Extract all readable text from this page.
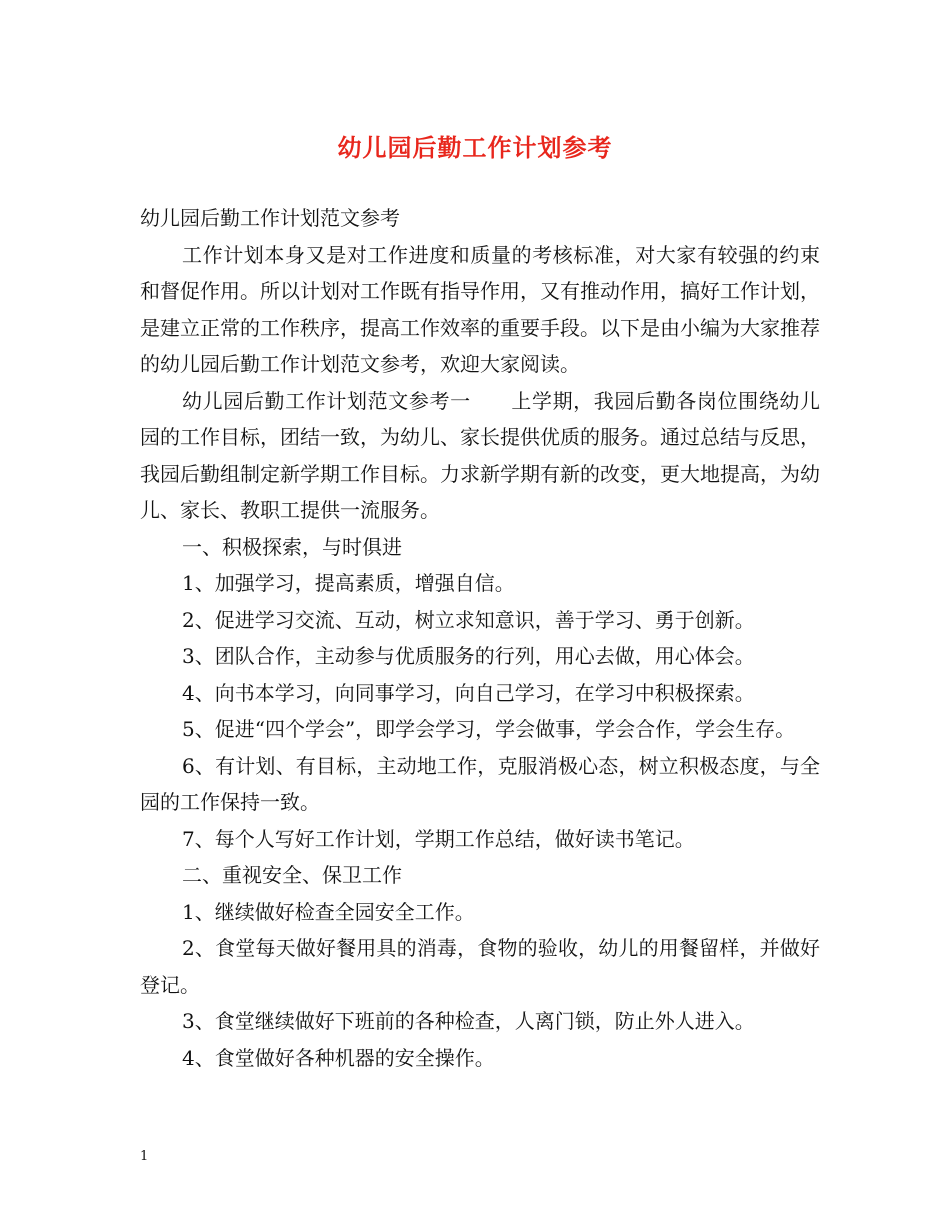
幼儿园后勤工作计划参考

幼儿园后勤工作计划范文参考

工作计划本身又是对工作进度和质量的考核标准，对大家有较强的约束和督促作用。所以计划对工作既有指导作用，又有推动作用，搞好工作计划，是建立正常的工作秩序，提高工作效率的重要手段。以下是由小编为大家推荐的幼儿园后勤工作计划范文参考，欢迎大家阅读。

幼儿园后勤工作计划范文参考一 上学期，我园后勤各岗位围绕幼儿园的工作目标，团结一致，为幼儿、家长提供优质的服务。通过总结与反思，我园后勤组制定新学期工作目标。力求新学期有新的改变，更大地提高，为幼儿、家长、教职工提供一流服务。

一、积极探索，与时俱进

1、加强学习，提高素质，增强自信。

2、促进学习交流、互动，树立求知意识，善于学习、勇于创新。

3、团队合作，主动参与优质服务的行列，用心去做，用心体会。

4、向书本学习，向同事学习，向自己学习，在学习中积极探索。

5、促进“四个学会”，即学会学习，学会做事，学会合作，学会生存。

6、有计划、有目标，主动地工作，克服消极心态，树立积极态度，与全园的工作保持一致。

7、每个人写好工作计划，学期工作总结，做好读书笔记。

二、重视安全、保卫工作

1、继续做好检查全园安全工作。

2、食堂每天做好餐用具的消毒，食物的验收，幼儿的用餐留样，并做好登记。

3、食堂继续做好下班前的各种检查，人离门锁，防止外人进入。

4、食堂做好各种机器的安全操作。

1
